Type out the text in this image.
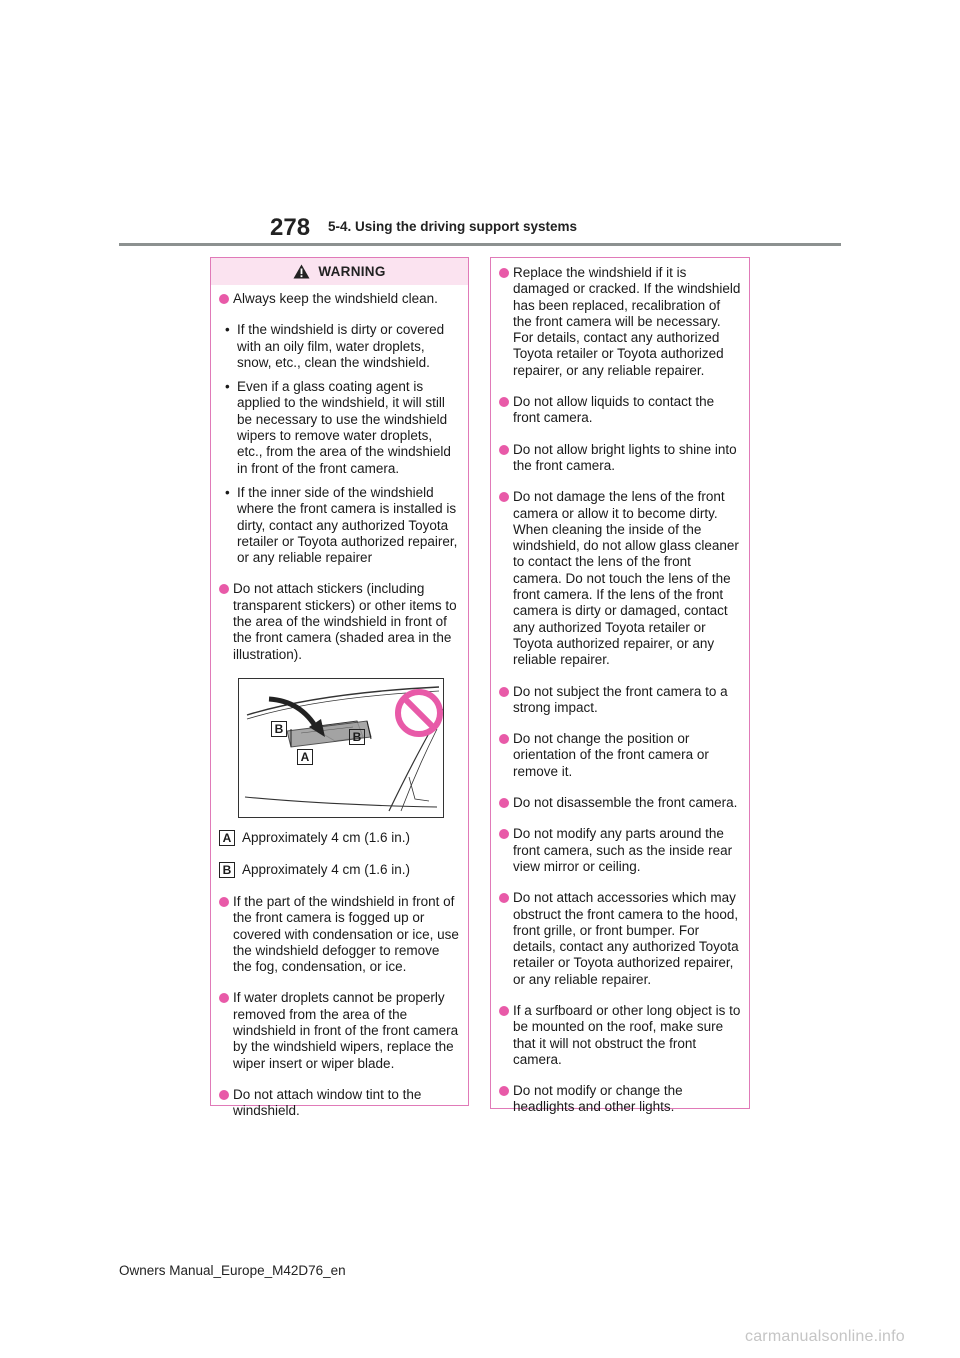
278 5-4. Using the driving support systems
WARNING
Always keep the windshield clean.
• If the windshield is dirty or covered with an oily film, water droplets, snow, etc., clean the windshield.
• Even if a glass coating agent is applied to the windshield, it will still be necessary to use the windshield wipers to remove water droplets, etc., from the area of the windshield in front of the front camera.
• If the inner side of the windshield where the front camera is installed is dirty, contact any authorized Toyota retailer or Toyota authorized repairer, or any reliable repairer
Do not attach stickers (including transparent stickers) or other items to the area of the windshield in front of the front camera (shaded area in the illustration).
B
B
A
A Approximately 4 cm (1.6 in.)
B Approximately 4 cm (1.6 in.)
If the part of the windshield in front of the front camera is fogged up or covered with condensation or ice, use the windshield defogger to remove the fog, condensation, or ice.
If water droplets cannot be properly removed from the area of the windshield in front of the front camera by the windshield wipers, replace the wiper insert or wiper blade.
Do not attach window tint to the windshield.
Replace the windshield if it is damaged or cracked. If the windshield has been replaced, recalibration of the front camera will be necessary. For details, contact any authorized Toyota retailer or Toyota authorized repairer, or any reliable repairer.
Do not allow liquids to contact the front camera.
Do not allow bright lights to shine into the front camera.
Do not damage the lens of the front camera or allow it to become dirty. When cleaning the inside of the windshield, do not allow glass cleaner to contact the lens of the front camera. Do not touch the lens of the front camera. If the lens of the front camera is dirty or damaged, contact any authorized Toyota retailer or Toyota authorized repairer, or any reliable repairer.
Do not subject the front camera to a strong impact.
Do not change the position or orientation of the front camera or remove it.
Do not disassemble the front camera.
Do not modify any parts around the front camera, such as the inside rear view mirror or ceiling.
Do not attach accessories which may obstruct the front camera to the hood, front grille, or front bumper. For details, contact any authorized Toyota retailer or Toyota authorized repairer, or any reliable repairer.
If a surfboard or other long object is to be mounted on the roof, make sure that it will not obstruct the front camera.
Do not modify or change the headlights and other lights.
Owners Manual_Europe_M42D76_en
carmanualsonline.info
